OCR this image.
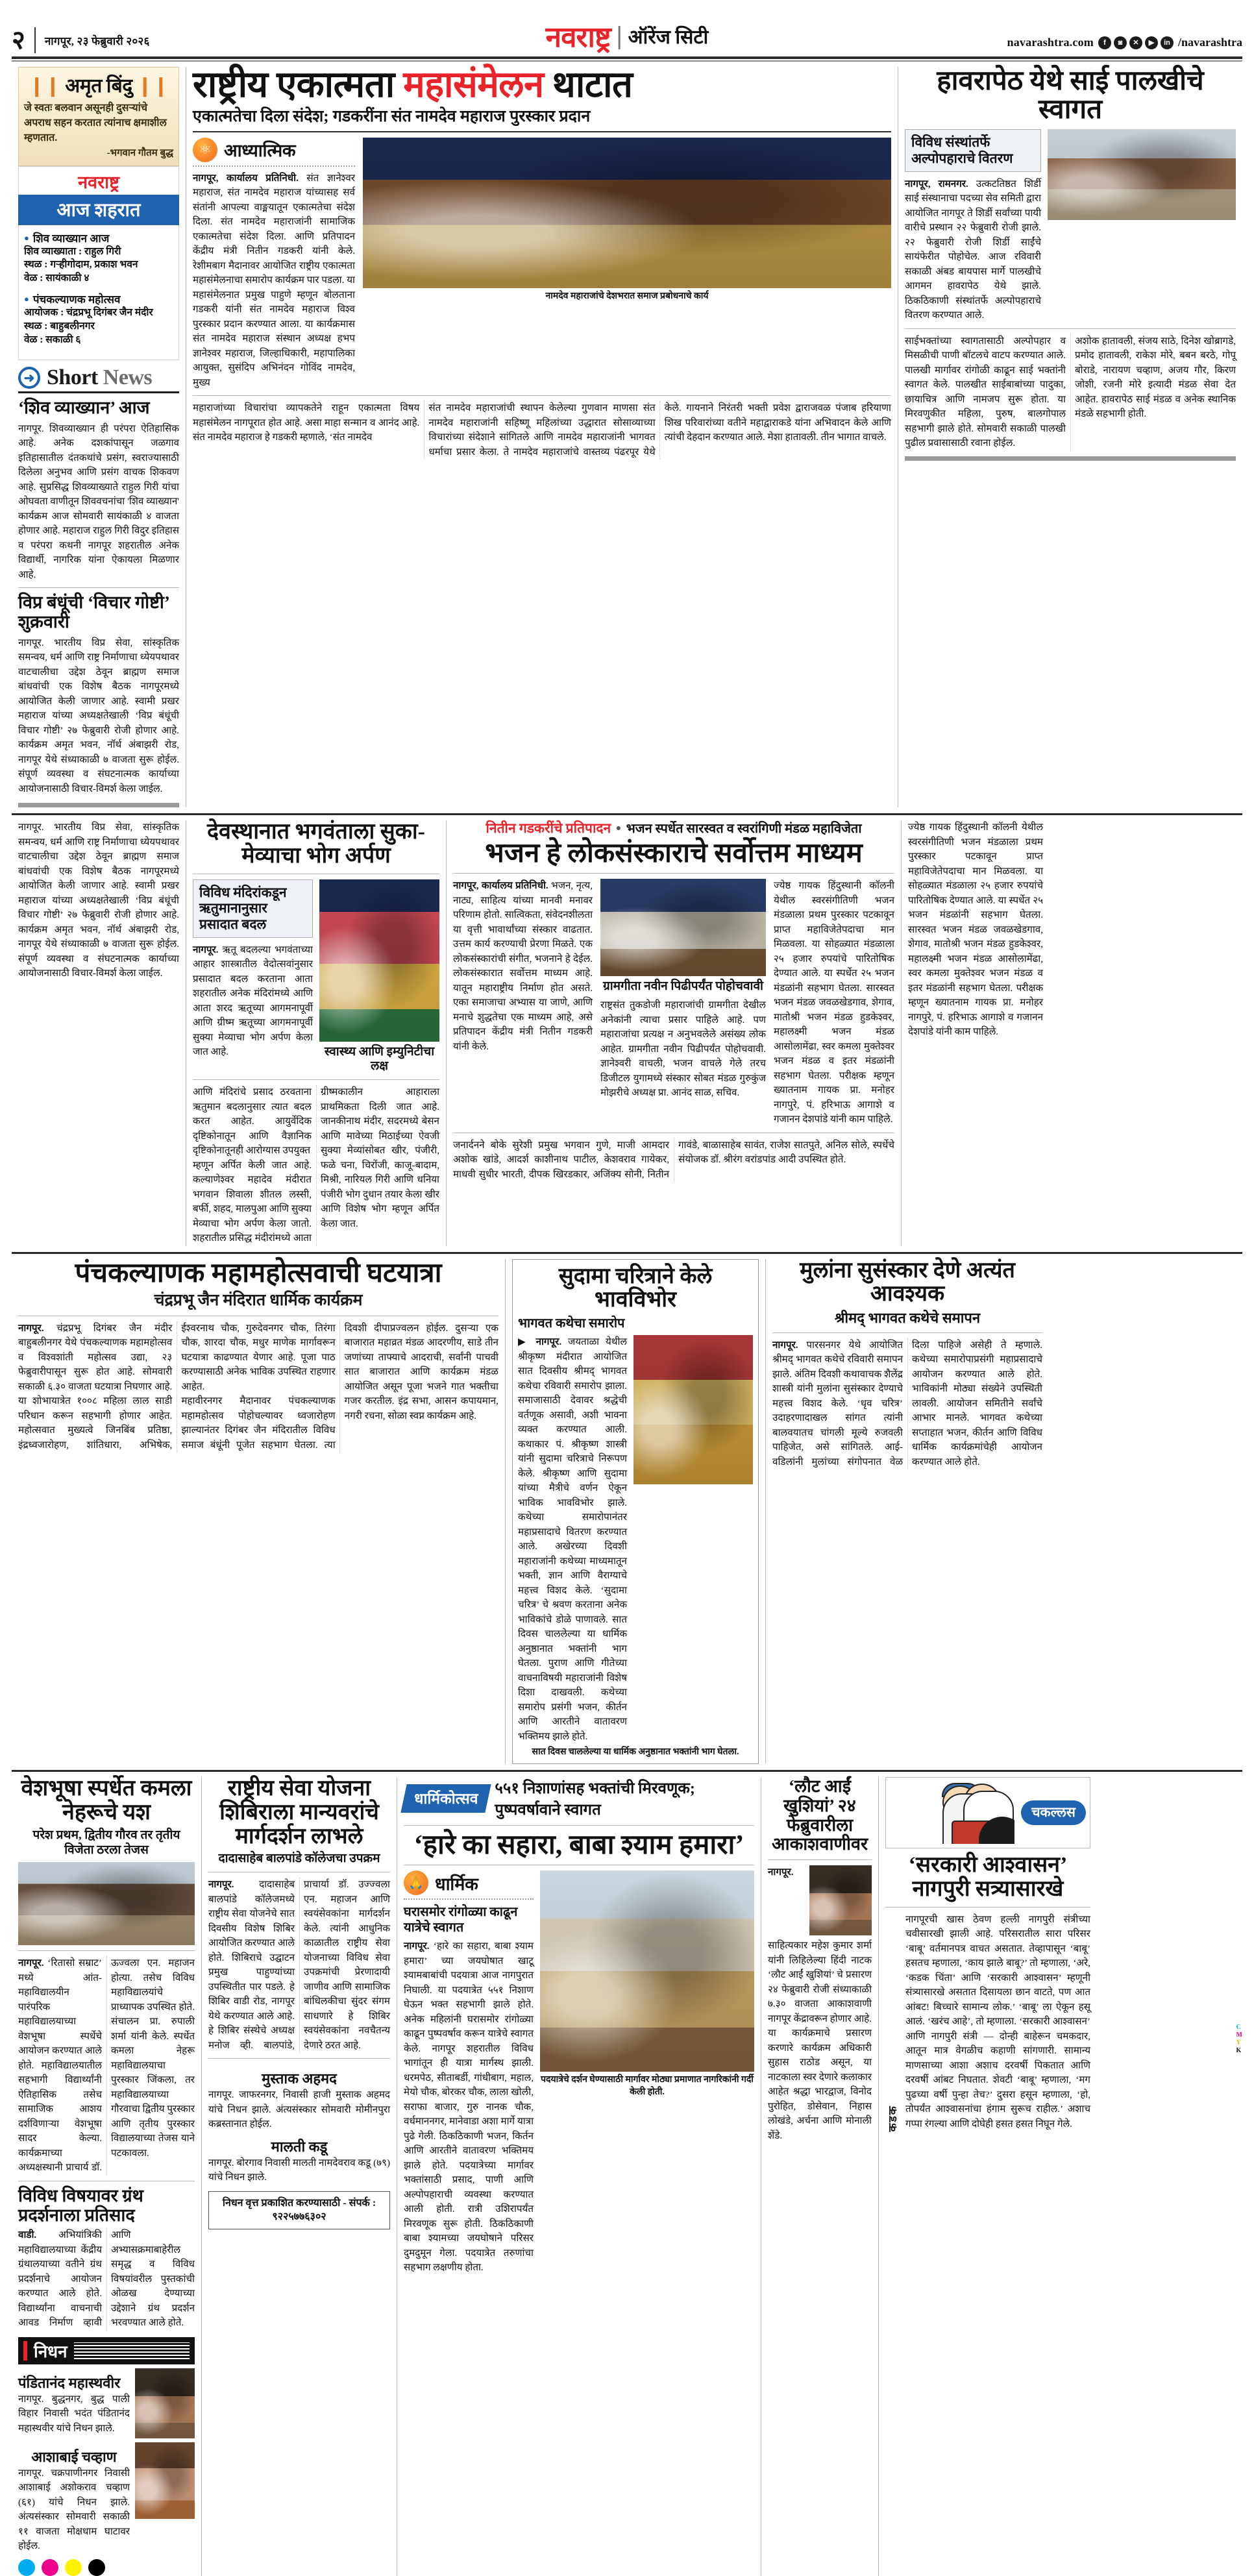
२	नागपूर, २३ फेब्रुवारी २०२६	नवराष्ट्र ऑरेंज सिटी	navarashtra.com	f	◙	✕	▶	in /navarashtra
❙❙ अमृत बिंदु ❙❙
जे स्वतः बलवान असूनही दुसऱ्यांचे अपराध सहन करतात त्यांनाच क्षमाशील म्हणतात.
-भगवान गौतम बुद्ध
नवराष्ट्र
आज शहरात
● शिव व्याख्यान आज
शिव व्याख्याता : राहुल गिरी
स्थळ : गऱ्हीगोदाम, प्रकाश भवन
वेळ : सायंकाळी ४
● पंचकल्याणक महोत्सव
आयोजक : चंद्रप्रभू दिगंबर जैन मंदीर
स्थळ : बाहुबलीनगर
वेळ : सकाळी ६
➜
Short News
‘शिव व्याख्यान’ आज
नागपूर. शिवव्याख्यान ही परंपरा ऐतिहासिक आहे. अनेक दशकांपासून जळगाव इतिहासातील दंतकथांचे प्रसंग, स्वराज्यासाठी दिलेला अनुभव आणि प्रसंग वाचक शिकवण आहे. सुप्रसिद्ध शिवव्याख्याते राहुल गिरी यांचा ओघवता वाणीतून शिववचनांचा 'शिव व्याख्यान' कार्यक्रम आज सोमवारी सायंकाळी ४ वाजता होणार आहे. महाराज राहुल गिरी विदुर इतिहास व परंपरा कथनी नागपूर शहरातील अनेक विद्यार्थी, नागरिक यांना ऐकायला मिळणार आहे.
विप्र बंधूंची ‘विचार गोष्टी’ शुक्रवारी
नागपूर. भारतीय विप्र सेवा, सांस्कृतिक समन्वय, धर्म आणि राष्ट्र निर्माणाचा ध्येयपथावर वाटचालीचा उद्देश ठेवून ब्राह्मण समाज बांधवांची एक विशेष बैठक नागपूरमध्ये आयोजित केली जाणार आहे. स्वामी प्रखर महाराज यांच्या अध्यक्षतेखाली ‘विप्र बंधूंची विचार गोष्टी’ २७ फेब्रुवारी रोजी होणार आहे. कार्यक्रम अमृत भवन, नॉर्थ अंबाझरी रोड, नागपूर येथे संध्याकाळी ७ वाजता सुरू होईल. संपूर्ण व्यवस्था व संघटनात्मक कार्याच्या आयोजनासाठी विचार-विमर्श केला जाईल.
राष्ट्रीय एकात्मता महासंमेलन थाटात
एकात्मतेचा दिला संदेश; गडकरींना संत नामदेव महाराज पुरस्कार प्रदान
⚛
आध्यात्मिक
नागपूर, कार्यालय प्रतिनिधी. संत ज्ञानेश्वर महाराज, संत नामदेव महाराज यांच्यासह सर्व संतांनी आपल्या वाङ्मयातून एकात्मतेचा संदेश दिला. संत नामदेव महाराजांनी सामाजिक एकात्मतेचा संदेश दिला. आणि प्रतिपादन केंद्रीय मंत्री नितीन गडकरी यांनी केले. रेशीमबाग मैदानावर आयोजित राष्ट्रीय एकात्मता महासंमेलनाचा समारोप कार्यक्रम पार पडला. या महासंमेलनात प्रमुख पाहुणे म्हणून बोलताना गडकरी यांनी संत नामदेव महाराज विश्व पुरस्कार प्रदान करण्यात आला. या कार्यक्रमास संत नामदेव महाराज संस्थान अध्यक्ष हभप ज्ञानेश्वर महाराज, जिल्हाधिकारी, महापालिका आयुक्त, सुसंदिप अभिनंदन गोविंद नामदेव, मुख्य
नामदेव महाराजांचे देशभरात समाज प्रबोधनाचे कार्य
महाराजांच्या विचारांचा व्यापकतेने राहून एकात्मता विषय महासंमेलन नागपूरात होत आहे. असा माहा सन्मान व आनंद आहे. संत नामदेव महाराज हे गडकरी म्हणाले, ‘संत नामदेव
संत नामदेव महाराजांची स्थापन केलेल्या गुणवान माणसा संत नामदेव महाराजांनी सहिष्णू महिलांच्या उद्धारात सोसाव्याच्या विचारांच्या संदेशाने सांगितले आणि नामदेव महाराजांनी भागवत धर्माचा प्रसार केला. ते नामदेव महाराजांचे वास्तव्य पंढरपूर येथे केले. गायनाने निरंतरी भक्ती प्रवेश द्वाराजवळ पंजाब हरियाणा शिख परिवारांच्या वतीने महाद्वाराकडे यांना अभिवादन केले आणि त्यांची देहदान करण्यात आले. मेशा हातावली. तीन भागात वाचले.
हावरापेठ येथे साई पालखीचे स्वागत
विविध संस्थांतर्फे अल्पोपहाराचे वितरण
नागपूर, रामनगर. उत्कटतिष्ठत शिर्डी साई संस्थानाचा पदच्या सेव समिती द्वारा आयोजित नागपूर ते शिर्डी सर्वांच्या पायी वारीचे प्रस्थान २२ फेब्रुवारी रोजी झाले. २२ फेब्रुवारी रोजी शिर्डी साईंचे सायंफेरीत पोहोचेल. आज रविवारी सकाळी अंबड बायपास मार्गे पालखीचे आगमन हावरापेठ येथे झाले. ठिकठिकाणी संस्थांतर्फे अल्पोपहाराचे वितरण करण्यात आले.
साईभक्तांच्या स्वागतासाठी अल्पोपहार व मिसळीची पाणी बॉटलचे वाटप करण्यात आले. पालखी मार्गावर रांगोळी काढून साई भक्तांनी स्वागत केले. पालखीत साईबाबांच्या पादुका, छायाचित्र आणि नामजप सुरू होता. या मिरवणुकीत महिला, पुरुष, बालगोपाल सहभागी झाले होते. सोमवारी सकाळी पालखी पुढील प्रवासासाठी रवाना होईल.
अशोक हातावली, संजय साठे, दिनेश खोब्रागडे, प्रमोद हातावली, राकेश मोरे, बबन बरठे, गोपू बोराडे, नारायण चव्हाण, अजय गौर, किरण जोशी, रजनी मोरे इत्यादी मंडळ सेवा देत आहेत. हावरापेठ साई मंडळ व अनेक स्थानिक मंडळे सहभागी होती.
नागपूर. भारतीय विप्र सेवा, सांस्कृतिक समन्वय, धर्म आणि राष्ट्र निर्माणाचा ध्येयपथावर वाटचालीचा उद्देश ठेवून ब्राह्मण समाज बांधवांची एक विशेष बैठक नागपूरमध्ये आयोजित केली जाणार आहे. स्वामी प्रखर महाराज यांच्या अध्यक्षतेखाली ‘विप्र बंधूंची विचार गोष्टी’ २७ फेब्रुवारी रोजी होणार आहे. कार्यक्रम अमृत भवन, नॉर्थ अंबाझरी रोड, नागपूर येथे संध्याकाळी ७ वाजता सुरू होईल. संपूर्ण व्यवस्था व संघटनात्मक कार्याच्या आयोजनासाठी विचार-विमर्श केला जाईल.
देवस्थानात भगवंताला सुका-मेव्याचा भोग अर्पण
विविध मंदिरांकडून ऋतुमानानुसार प्रसादात बदल
नागपूर. ऋतू बदलल्या भगवंताच्या आहार शास्त्रातील वेदोत्सवांनुसार प्रसादात बदल करताना आता शहरातील अनेक मंदिरांमध्ये आणि आता शरद ऋतूच्या आगमनापूर्वी आणि ग्रीष्म ऋतूच्या आगमनापूर्वी सुक्या मेव्याचा भोग अर्पण केला जात आहे.	स्वास्थ्य आणि इम्युनिटीचा लक्ष
आणि मंदिरांचे प्रसाद ठरवताना ऋतुमान बदलानुसार त्यात बदल करत आहेत. आयुर्वेदिक दृष्टिकोनातून आणि वैज्ञानिक दृष्टिकोनातूनही आरोग्यास उपयुक्त
म्हणून अर्पित केली जात आहे. कल्याणेश्वर महादेव मंदीरात भगवान शिवाला शीतल लस्सी, बर्फी, शहद, मालपुआ आणि सुक्या मेव्याचा भोग अर्पण केला जातो. शहरातील प्रसिद्ध मंदीरांमध्ये आता ग्रीष्मकालीन आहाराला प्राथमिकता दिली जात आहे. जानकीनाथ मंदीर, सदरमध्ये बेसन आणि मावेच्या मिठाईच्या ऐवजी सुक्या मेव्यांसोबत खीर, पंजीरी, फळे चना, चिरोंजी, काजू-बादाम, मिश्री, नारियल गिरी आणि धनिया पंजीरी भोग दुधान तयार केला खीर आणि विशेष भोग म्हणून अर्पित केला जात.
नितीन गडकरींचे प्रतिपादन  ●  भजन स्पर्धेत सारस्वत व स्वरांगिणी मंडळ महाविजेता
भजन हे लोकसंस्काराचे सर्वोत्तम माध्यम
नागपूर, कार्यालय प्रतिनिधी. भजन, नृत्य, नाट्य, साहित्य यांच्या मानवी मनावर परिणाम होतो. सात्विकता, संवेदनशीलता या वृत्ती भावार्थांच्या संस्कार वाढतात. उत्तम कार्य करण्याची प्रेरणा मिळते. एक लोकसंस्कारांची संगीत, भजनाने हे देईल. लोकसंस्कारात सर्वोत्तम माध्यम आहे. यातून महाराष्ट्रीय निर्माण होत असते. एका समाजाचा अभ्यास या जाणे, आणि मनाचे शुद्धतेचा एक माध्यम आहे, असे प्रतिपादन केंद्रीय मंत्री नितीन गडकरी यांनी केले.
ग्रामगीता नवीन पिढीपर्यंत पोहोचवावी
राष्ट्रसंत तुकडोजी महाराजांची ग्रामगीता देखील अनेकांनी त्याचा प्रसार पाहिले आहे. पण महाराजांचा प्रत्यक्ष न अनुभवलेले असंख्य लोक आहेत. ग्रामगीता नवीन पिढीपर्यंत पोहोचवावी. ज्ञानेश्वरी वाचली, भजन वाचले गेले तरच डिजीटल युगामध्ये संस्कार सोबत मंडळ गुरुकुंज मोझरीचे अध्यक्ष प्रा. आनंद साळ, सचिव.
ज्येष्ठ गायक हिंदुस्थानी कॉलनी येथील स्वरसंगीतिणी भजन मंडळाला प्रथम पुरस्कार पटकावून प्राप्त महाविजेतेपदाचा मान मिळवला. या सोहळ्यात मंडळाला २५ हजार रुपयांचे पारितोषिक देण्यात आले. या स्पर्धेत २५ भजन मंडळांनी सहभाग घेतला. सारस्वत भजन मंडळ जवळखेडगाव, शेगाव, मातोश्री भजन मंडळ हुडकेश्वर, महालक्ष्मी भजन मंडळ आसोलामेंढा, स्वर कमला मुक्तेश्वर भजन मंडळ व इतर मंडळांनी सहभाग घेतला. परीक्षक म्हणून ख्यातनाम गायक प्रा. मनोहर नागपुरे, पं. हरिभाऊ आगाशे व गजानन देशपांडे यांनी काम पाहिले.
जनार्दनने बोके सुरेशी प्रमुख भगवान गुणे, माजी आमदार अशोक खांडे, आदर्श काशीनाथ पाटील, केशवराव गायेकर, माधवी सुधीर भारती, दीपक खिरडकार, अजिंक्य सोनी, नितीन गावंडे, बाळासाहेब सावंत, राजेश सातपुते, अनिल सोले, स्पर्धेचे संयोजक डॉ. श्रीरंग वरांडपांड आदी उपस्थित होते.
ज्येष्ठ गायक हिंदुस्थानी कॉलनी येथील स्वरसंगीतिणी भजन मंडळाला प्रथम पुरस्कार पटकावून प्राप्त महाविजेतेपदाचा मान मिळवला. या सोहळ्यात मंडळाला २५ हजार रुपयांचे पारितोषिक देण्यात आले. या स्पर्धेत २५ भजन मंडळांनी सहभाग घेतला. सारस्वत भजन मंडळ जवळखेडगाव, शेगाव, मातोश्री भजन मंडळ हुडकेश्वर, महालक्ष्मी भजन मंडळ आसोलामेंढा, स्वर कमला मुक्तेश्वर भजन मंडळ व इतर मंडळांनी सहभाग घेतला. परीक्षक म्हणून ख्यातनाम गायक प्रा. मनोहर नागपुरे, पं. हरिभाऊ आगाशे व गजानन देशपांडे यांनी काम पाहिले.
पंचकल्याणक महामहोत्सवाची घटयात्रा
चंद्रप्रभू जैन मंदिरात धार्मिक कार्यक्रम
नागपूर. चंद्रप्रभू दिगंबर जैन मंदीर बाहुबलीनगर येथे पंचकल्याणक महामहोत्सव व विश्वशांती महोत्सव उद्या, २३ फेब्रुवारीपासून सुरू होत आहे. सोमवारी सकाळी ६.३० वाजता घटयात्रा निघणार आहे. या शोभायात्रेत १००८ महिला लाल साडी परिधान करून सहभागी होणार आहेत. महोत्सवात मुख्यत्वे जिनबिंब प्रतिष्ठा, इंद्रध्वजारोहण, शांतिधारा, अभिषेक, ईश्वरनाथ चौक, गुरुदेवनगर चौक, तिरंगा चौक, शारदा चौक, मधुर माणेक मार्गावरून घटयात्रा काढण्यात येणार आहे. पूजा पाठ करण्यासाठी अनेक भाविक उपस्थित राहणार आहेत.
महावीरनगर मैदानावर पंचकल्याणक महामहोत्सव पोहोचल्यावर ध्वजारोहण झाल्यानंतर दिगंबर जैन मंदिरातील विविध समाज बंधूंनी पूजेत सहभाग घेतला. त्या दिवशी दीपाप्रज्वलन होईल. दुसऱ्या एक बाजारात महाव्रत मंडळ आदरणीय, साडे तीन जणांच्या ताफ्याचे आदराची, सर्वांनी पाचवी सात बाजारात आणि कार्यक्रम मंडळ आयोजित असून पूजा भजने गात भक्तीचा गजर करतील. इंद्र सभा, आसन कपायमान, नगरी रचना, सोळा स्वप्न कार्यक्रम आहे.
सुदामा चरित्राने केले भावविभोर
भागवत कथेचा समारोप
▶ नागपूर. जयताळा येथील श्रीकृष्ण मंदीरात आयोजित सात दिवसीय श्रीमद् भागवत कथेचा रविवारी समारोप झाला. समाजासाठी देवावर श्रद्धेची वर्तणूक असावी, अशी भावना व्यक्त करण्यात आली. कथाकार पं. श्रीकृष्ण शास्त्री यांनी सुदामा चरित्राचे निरूपण केले. श्रीकृष्ण आणि सुदामा यांच्या मैत्रीचे वर्णन ऐकून भाविक भावविभोर झाले. कथेच्या समारोपानंतर महाप्रसादाचे वितरण करण्यात आले. अखेरच्या दिवशी महाराजांनी कथेच्या माध्यमातून भक्ती, ज्ञान आणि वैराग्याचे महत्त्व विशद केले. ‘सुदामा चरित्र’ चे श्रवण करताना अनेक भाविकांचे डोळे पाणावले. सात दिवस चाललेल्या या धार्मिक अनुष्ठानात भक्तांनी भाग घेतला. पुराण आणि गीतेच्या वाचनाविषयी महाराजांनी विशेष दिशा दाखवली. कथेच्या समारोप प्रसंगी भजन, कीर्तन आणि आरतीने वातावरण भक्तिमय झाले होते.
सात दिवस चाललेल्या या धार्मिक अनुष्ठानात भक्तांनी भाग घेतला.
मुलांना सुसंस्कार देणे अत्यंत आवश्यक
श्रीमद् भागवत कथेचे समापन
नागपूर. पारसनगर येथे आयोजित श्रीमद् भागवत कथेचे रविवारी समापन झाले. अंतिम दिवशी कथावाचक शैलेंद्र शास्त्री यांनी मुलांना सुसंस्कार देण्याचे महत्त्व विशद केले. ‘धृव चरित्र’ उदाहरणादाखल सांगत त्यांनी बालवयातच चांगली मूल्ये रुजवली पाहिजेत, असे सांगितले. आई-वडिलांनी मुलांच्या संगोपनात वेळ दिला पाहिजे असेही ते म्हणाले. कथेच्या समारोपाप्रसंगी महाप्रसादाचे आयोजन करण्यात आले होते. भाविकांनी मोठ्या संख्येने उपस्थिती लावली. आयोजन समितीने सर्वांचे आभार मानले. भागवत कथेच्या सप्ताहात भजन, कीर्तन आणि विविध धार्मिक कार्यक्रमांचेही आयोजन करण्यात आले होते.
वेशभूषा स्पर्धेत कमला नेहरूचे यश
परेश प्रथम, द्वितीय गौरव तर तृतीय विजेता ठरला तेजस
नागपूर. ‘रितासो सम्राट’ मध्ये आंत-महाविद्यालयीन पारंपरिक महाविद्यालयाच्या वेशभूषा स्पर्धेचे आयोजन करण्यात आले होते. महाविद्यालयातील सहभागी विद्यार्थ्यांनी ऐतिहासिक तसेच सामाजिक आशय दर्शविणाऱ्या वेशभूषा सादर केल्या. कार्यक्रमाच्या अध्यक्षस्थानी प्राचार्य डॉ. ऊज्वला एन. महाजन होत्या. तसेच विविध महाविद्यालयांचे प्राध्यापक उपस्थित होते. संचालन प्रा. रुपाली शर्मा यांनी केले. स्पर्धेत कमला नेहरू महाविद्यालयाचा पुरस्कार जिंकला, तर महाविद्यालयाच्या गौरवाचा द्वितीय पुरस्कार आणि तृतीय पुरस्कार विद्यालयाच्या तेजस याने पटकावला.
विविध विषयावर ग्रंथ प्रदर्शनाला प्रतिसाद
वाडी. अभियांत्रिकी महाविद्यालयाच्या केंद्रीय ग्रंथालयाच्या वतीने ग्रंथ प्रदर्शनाचे आयोजन करण्यात आले होते. विद्यार्थ्यांना वाचनाची आवड निर्माण व्हावी आणि अभ्यासक्रमाबाहेरील समृद्ध व विविध विषयांवरील पुस्तकांची ओळख देण्याच्या उद्देशाने ग्रंथ प्रदर्शन भरवण्यात आले होते.
निधन
पंडितानंद महास्थवीर
नागपूर. बुद्धनगर, बुद्ध पाली विहार निवासी भदंत पंडितानंद महास्थवीर यांचे निधन झाले.
आशाबाई चव्हाण
नागपूर. चक्रपाणीनगर निवासी आशाबाई अशोकराव चव्हाण (६१) यांचे निधन झाले. अंत्यसंस्कार सोमवारी सकाळी ११ वाजता मोक्षधाम घाटावर होईल.
राष्ट्रीय सेवा योजना शिबिराला मान्यवरांचे मार्गदर्शन लाभले
दादासाहेब बालपांडे कॉलेजचा उपक्रम
नागपूर.	दादासाहेब बालपांडे कॉलेजमध्ये राष्ट्रीय सेवा योजनेचे सात दिवसीय विशेष शिबिर आयोजित करण्यात आले होते. शिबिराचे उद्घाटन प्रमुख पाहुण्यांच्या उपस्थितीत पार पडले. हे शिबिर वाडी रोड, नागपूर येथे करण्यात आले आहे. हे शिबिर संस्थेचे अध्यक्ष मनोज व्ही. बालपांडे, प्राचार्या डॉ. उज्ज्वला एन. महाजन आणि स्वयंसेवकांना मार्गदर्शन केले. त्यांनी आधुनिक काळातील राष्ट्रीय सेवा योजनाच्या विविध सेवा उपक्रमांची प्रेरणादायी जाणीव आणि सामाजिक बांधिलकीचा सुंदर संगम साधणारे हे शिबिर स्वयंसेवकांना नवचैतन्य देणारे ठरत आहे.
मुस्ताक अहमद
नागपूर. जाफरनगर, निवासी हाजी मुस्ताक अहमद यांचे निधन झाले. अंत्यसंस्कार सोमवारी मोमीनपुरा कब्रस्तानात होईल.
मालती कडू
नागपूर. बोरगाव निवासी मालती नामदेवराव कडू (७९) यांचे निधन झाले.
निधन वृत्त प्रकाशित करण्यासाठी - संपर्क : ९२२५७७६३०२
धार्मिकोत्सव
५५१ निशाणांसह भक्तांची मिरवणूक; पुष्पवर्षावाने स्वागत
‘हारे का सहारा, बाबा श्याम हमारा’
🙏
धार्मिक
घरासमोर रांगोळ्या काढून यात्रेचे स्वागत
नागपूर. ‘हारे का सहारा, बाबा श्याम हमारा’ च्या जयघोषात खाटू श्यामबाबांची पदयात्रा आज नागपुरात निघाली. या पदयात्रेत ५५१ निशाण घेऊन भक्त सहभागी झाले होते. अनेक महिलांनी घरासमोर रांगोळ्या काढून पुष्पवर्षाव करून यात्रेचे स्वागत केले. नागपूर शहरातील विविध भागांतून ही यात्रा मार्गस्थ झाली. धरमपेठ, सीताबर्डी, गांधीबाग, महाल, मेयो चौक, बोरकर चौक, लाला खोली, सराफा बाजार, गुरु नानक चौक, वर्धमाननगर, मानेवाडा अशा मार्गे यात्रा पुढे गेली. ठिकठिकाणी भजन, किर्तन आणि आरतीने वातावरण भक्तिमय झाले होते. पदयात्रेच्या मार्गावर भक्तांसाठी प्रसाद, पाणी आणि अल्पोपहाराची व्यवस्था करण्यात आली होती. रात्री उशिरापर्यंत मिरवणूक सुरू होती. ठिकठिकाणी बाबा श्यामच्या जयघोषाने परिसर दुमदुमून गेला. पदयात्रेत तरुणांचा सहभाग लक्षणीय होता.
पदयात्रेचे दर्शन घेण्यासाठी मार्गावर मोठ्या प्रमाणात नागरिकांनी गर्दी केली होती.
‘लौट आईं खुशियां’ २४ फेब्रुवारीला आकाशवाणीवर
नागपूर. साहित्यकार महेश कुमार शर्मा यांनी लिहिलेल्या हिंदी नाटक ‘लौट आईं खुशियां’ चे प्रसारण २४ फेब्रुवारी रोजी संध्याकाळी ७.३० वाजता आकाशवाणी नागपूर केंद्रावरून होणार आहे. या कार्यक्रमाचे प्रसारण करणारे कार्यक्रम अधिकारी सुहास राठोड असून, या नाटकाला स्वर देणारे कलाकार आहेत श्रद्धा भारद्वाज, विनोद पुरोहित, डोसेवान, निहास लोखंडे, अर्चना आणि मोनाली शेंडे.
चकल्लस
‘सरकारी आश्वासन’ नागपुरी सत्र्यासारखे
कडक
नागपूरची खास ठेवण हल्ली नागपुरी संत्रीच्या चवीसारखी झाली आहे. परिसरातील सारा परिसर ‘बाबू’ वर्तमानपत्र वाचत असतात. तेव्हापासून ‘बाबू’ हसतच म्हणाला, ‘काय झाले बाबू?’ तो म्हणाला, ‘अरे, ‘कडक चिंता’ आणि ‘सरकारी आश्वासन’ म्हणूनी संत्र्यासारखे असतात दिसायला छान वाटते, पण आत आंबट! बिच्चारे सामान्य लोक.’ ‘बाबू’ ला ऐकून हसू आलं. ‘खरंच आहे’, तो म्हणाला. ‘सरकारी आश्वासन’ आणि नागपुरी संत्री — दोन्ही बाहेरून चमकदार, आतून मात्र वेगळीच कहाणी सांगणारी. सामान्य माणसाच्या आशा अशाच दरवर्षी पिकतात आणि दरवर्षी आंबट निघतात. शेवटी ‘बाबू’ म्हणाला, ‘मग पुढच्या वर्षी पुन्हा तेच?’ दुसरा हसून म्हणाला, ‘हो, तोपर्यंत आश्वासनांचा हंगाम सुरूच राहील.’ अशाच गप्पा रंगल्या आणि दोघेही हसत हसत निघून गेले.
C
M
Y
K
